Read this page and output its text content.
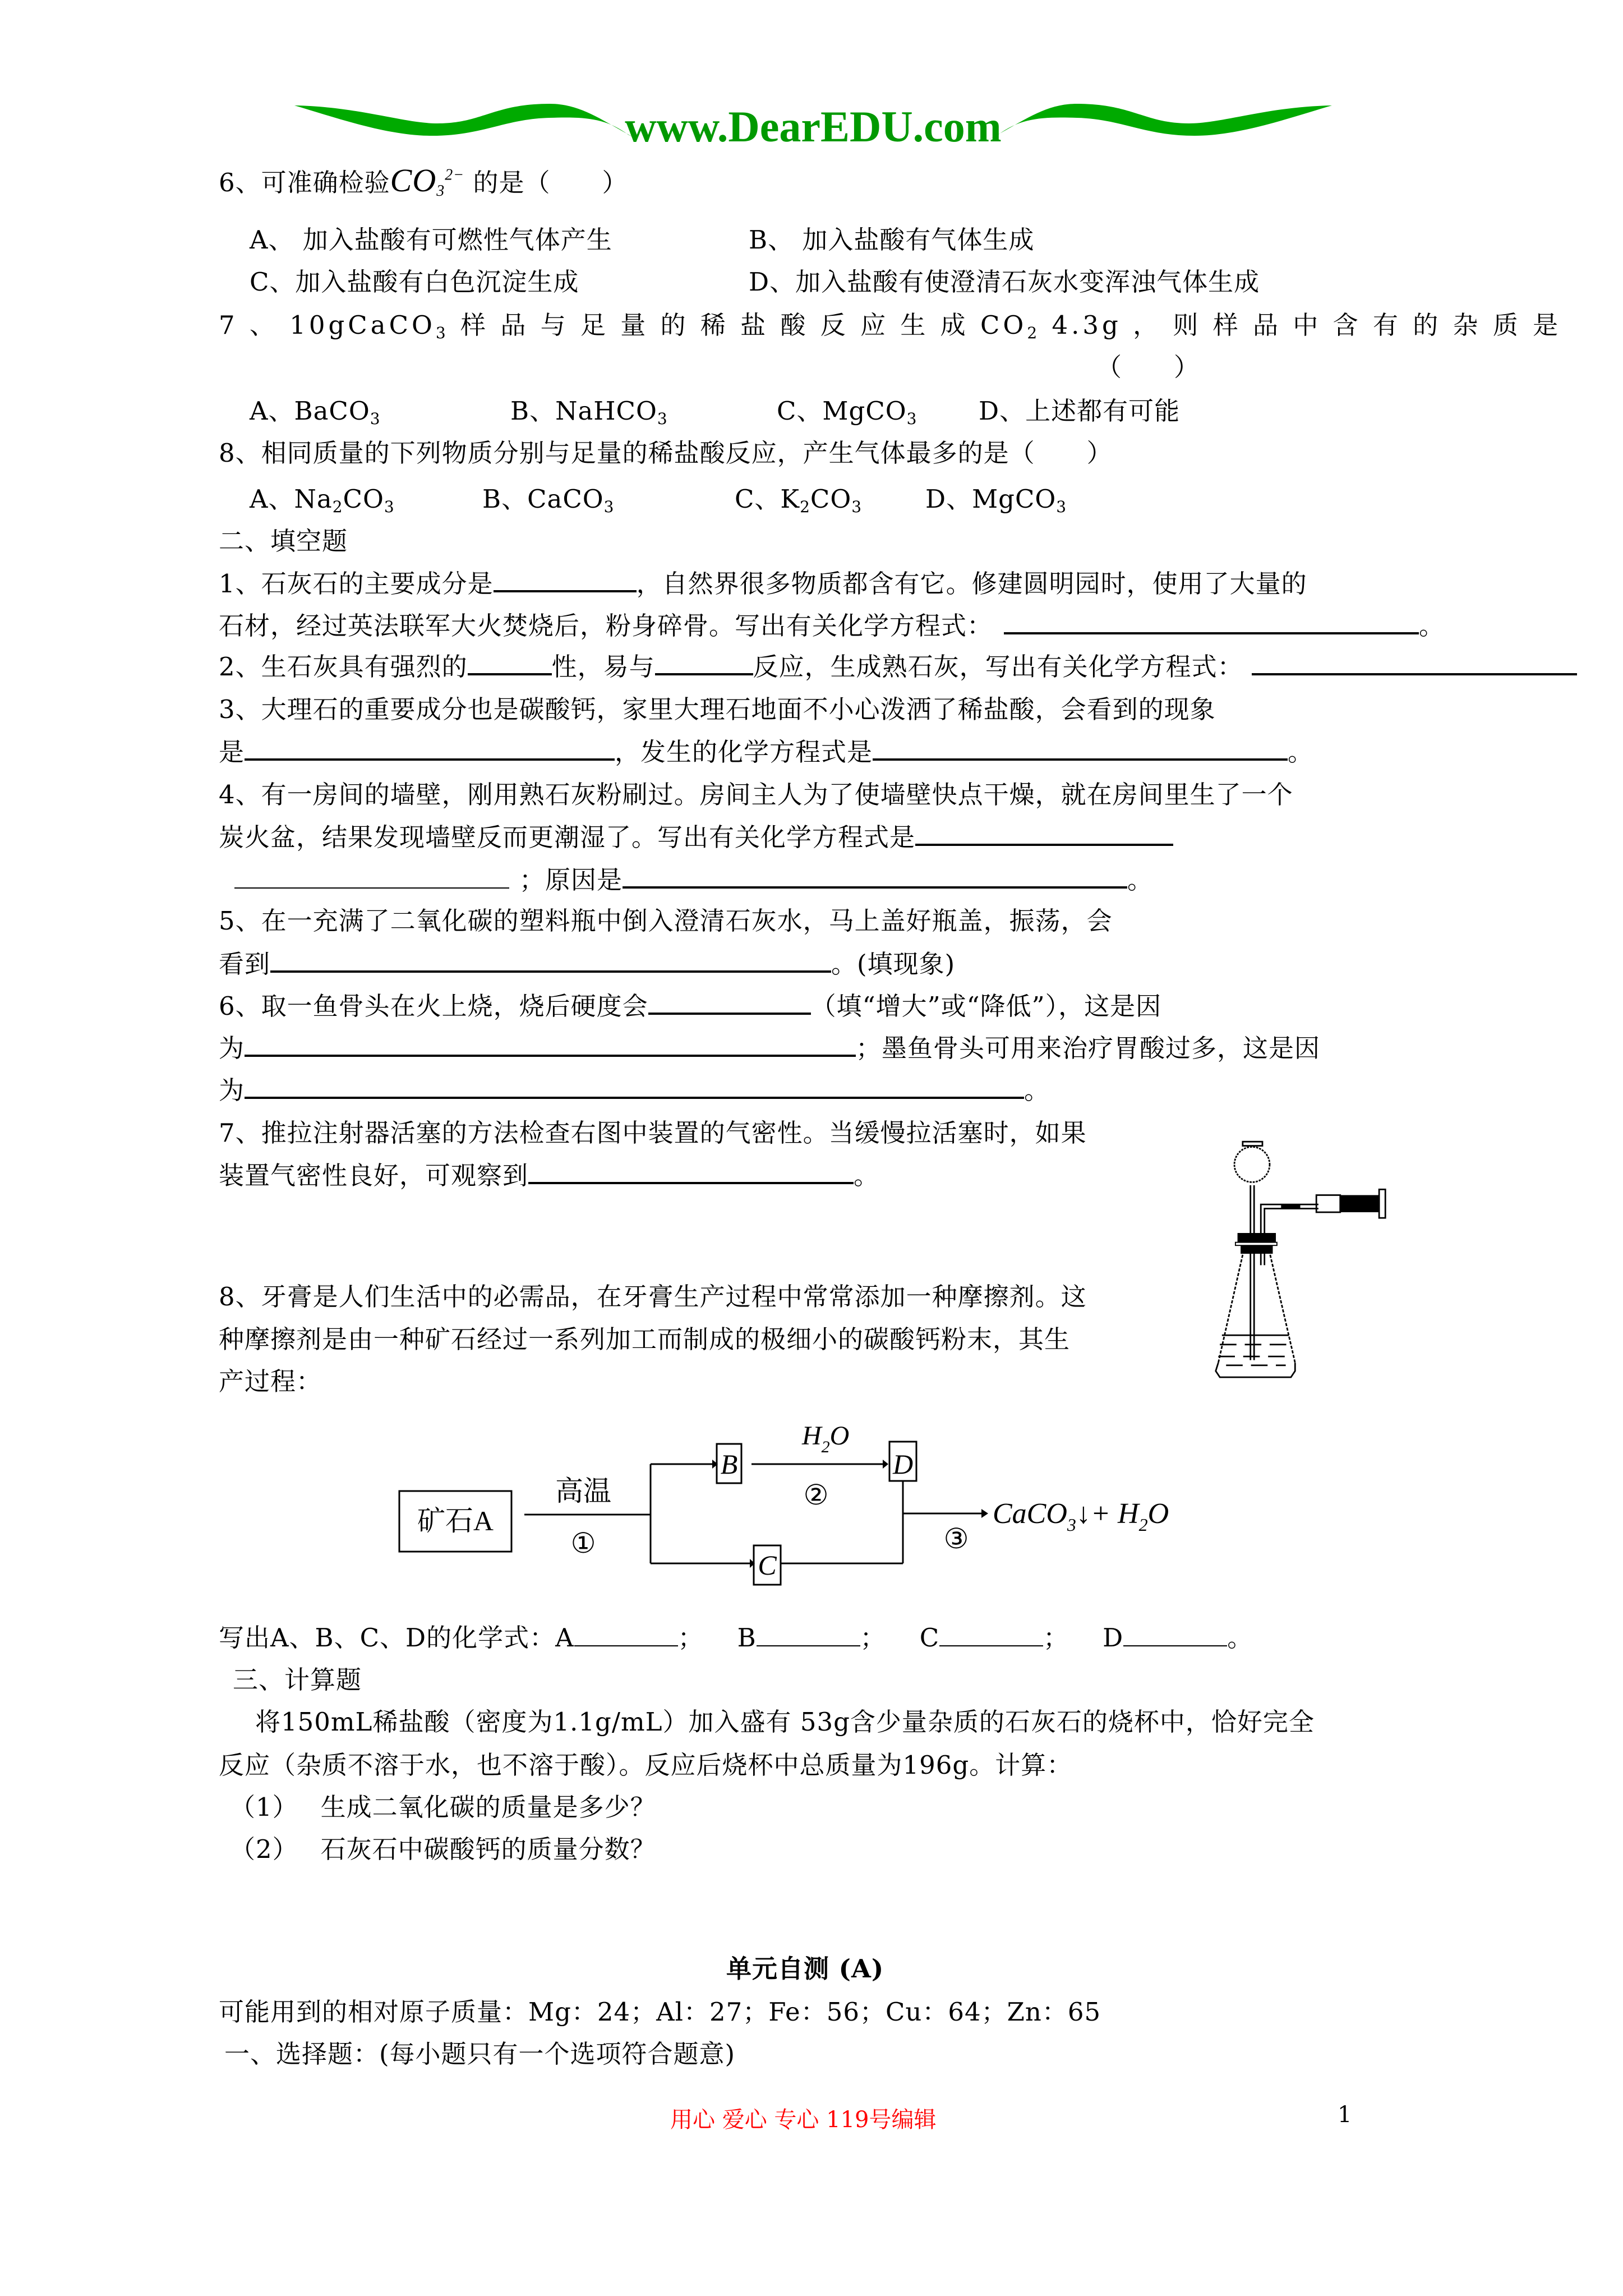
www.DearEDU.com
6、可准确检验$CO_3^{2-}$ 的是（　　）
A、 加入盐酸有可燃性气体产生	B、 加入盐酸有气体生成
C、加入盐酸有白色沉淀生成	D、加入盐酸有使澄清石灰水变浑浊气体生成
7 、 10gCaCO$_3$ 样 品 与 足 量 的 稀 盐 酸 反 应 生 成 $CO_2$ 4.3g ， 则 样 品 中 含 有 的 杂 质 是
（　　）
A、BaCO$_3$	B、NaHCO$_3$	C、MgCO$_3$ D、上述都有可能
8、相同质量的下列物质分别与足量的稀盐酸反应，产生气体最多的是（　　）
A、$Na_2CO_3$	B、CaCO$_3$	C、$K_2CO_3$	D、MgCO$_3$
二、填空题
1、石灰石的主要成分是	，自然界很多物质都含有它。修建圆明园时，使用了大量的
石材，经过英法联军大火焚烧后，粉身碎骨。写出有关化学方程式：	。
2、生石灰具有强烈的	性，易与	反应，生成熟石灰，写出有关化学方程式：
3、大理石的重要成分也是碳酸钙，家里大理石地面不小心泼洒了稀盐酸，会看到的现象
是	，发生的化学方程式是	。
4、有一房间的墙壁，刚用熟石灰粉刷过。房间主人为了使墙壁快点干燥，就在房间里生了一个
炭火盆，结果发现墙壁反而更潮湿了。写出有关化学方程式是
；原因是	。
5、在一充满了二氧化碳的塑料瓶中倒入澄清石灰水，马上盖好瓶盖，振荡，会
看到	。(填现象)
6、取一鱼骨头在火上烧，烧后硬度会	（填“增大”或“降低”），这是因
为	；墨鱼骨头可用来治疗胃酸过多，这是因
为	。
7、推拉注射器活塞的方法检查右图中装置的气密性。当缓慢拉活塞时，如果
装置气密性良好，可观察到	。
8、牙膏是人们生活中的必需品，在牙膏生产过程中常常添加一种摩擦剂。这
种摩擦剂是由一种矿石经过一系列加工而制成的极细小的碳酸钙粉末，其生
产过程：
矿石A
高温
①
B	D
C
$H_2O$
②
③
CaCO$_3$↓+ $H_2O$
写出A、B、C、D的化学式：A	； B	； C	； D	。
三、计算题
将150mL稀盐酸（密度为1.1g/mL）加入盛有 53g含少量杂质的石灰石的烧杯中，恰好完全
反应（杂质不溶于水，也不溶于酸）。反应后烧杯中总质量为196g。计算：
（1） 生成二氧化碳的质量是多少？
（2） 石灰石中碳酸钙的质量分数？
单元自测 (A)
可能用到的相对原子质量：Mg：24；Al：27；Fe：56；Cu：64；Zn：65
一、选择题：(每小题只有一个选项符合题意)
用心 爱心 专心 119号编辑	1
